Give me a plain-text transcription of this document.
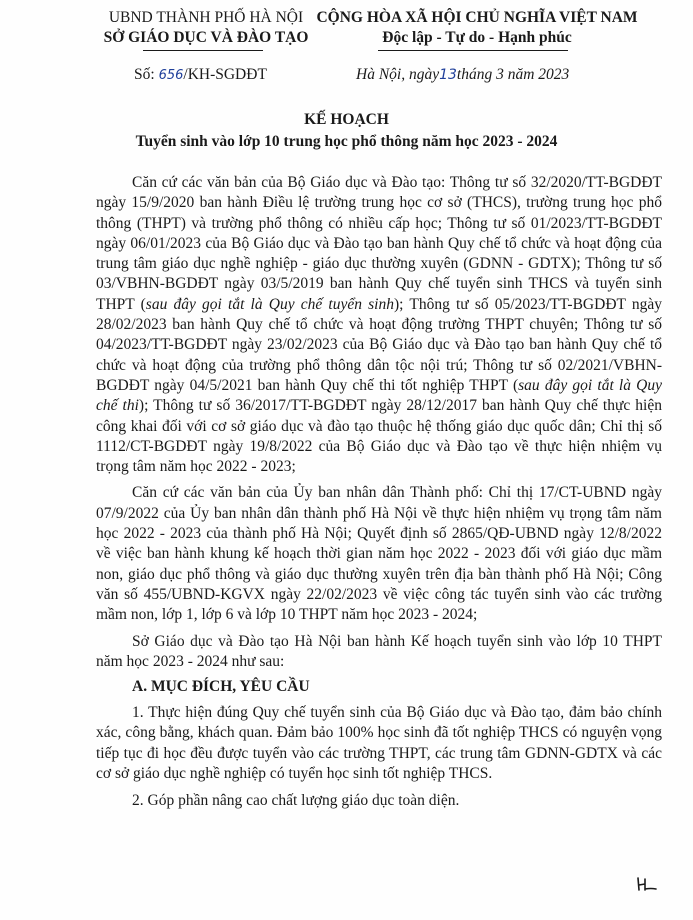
UBND THÀNH PHỐ HÀ NỘI
SỞ GIÁO DỤC VÀ ĐÀO TẠO
CỘNG HÒA XÃ HỘI CHỦ NGHĨA VIỆT NAM
Độc lập - Tự do - Hạnh phúc
Số: 656/KH-SGDĐT	Hà Nội, ngày13tháng 3 năm 2023
KẾ HOẠCH
Tuyển sinh vào lớp 10 trung học phổ thông năm học 2023 - 2024

Căn cứ các văn bản của Bộ Giáo dục và Đào tạo: Thông tư số 32/2020/TT-BGDĐT ngày 15/9/2020 ban hành Điều lệ trường trung học cơ sở (THCS), trường trung học phổ thông (THPT) và trường phổ thông có nhiều cấp học; Thông tư số 01/2023/TT-BGDĐT ngày 06/01/2023 của Bộ Giáo dục và Đào tạo ban hành Quy chế tổ chức và hoạt động của trung tâm giáo dục nghề nghiệp - giáo dục thường xuyên (GDNN - GDTX); Thông tư số 03/VBHN-BGDĐT ngày 03/5/2019 ban hành Quy chế tuyển sinh THCS và tuyển sinh THPT (sau đây gọi tắt là Quy chế tuyển sinh); Thông tư số 05/2023/TT-BGDĐT ngày 28/02/2023 ban hành Quy chế tổ chức và hoạt động trường THPT chuyên; Thông tư số 04/2023/TT-BGDĐT ngày 23/02/2023 của Bộ Giáo dục và Đào tạo ban hành Quy chế tổ chức và hoạt động của trường phổ thông dân tộc nội trú; Thông tư số 02/2021/VBHN-BGDĐT ngày 04/5/2021 ban hành Quy chế thi tốt nghiệp THPT (sau đây gọi tắt là Quy chế thi); Thông tư số 36/2017/TT-BGDĐT ngày 28/12/2017 ban hành Quy chế thực hiện công khai đối với cơ sở giáo dục và đào tạo thuộc hệ thống giáo dục quốc dân; Chỉ thị số 1112/CT-BGDĐT ngày 19/8/2022 của Bộ Giáo dục và Đào tạo về thực hiện nhiệm vụ trọng tâm năm học 2022 - 2023;

Căn cứ các văn bản của Ủy ban nhân dân Thành phố: Chỉ thị 17/CT-UBND ngày 07/9/2022 của Ủy ban nhân dân thành phố Hà Nội về thực hiện nhiệm vụ trọng tâm năm học 2022 - 2023 của thành phố Hà Nội; Quyết định số 2865/QĐ-UBND ngày 12/8/2022 về việc ban hành khung kế hoạch thời gian năm học 2022 - 2023 đối với giáo dục mầm non, giáo dục phổ thông và giáo dục thường xuyên trên địa bàn thành phố Hà Nội; Công văn số 455/UBND-KGVX ngày 22/02/2023 về việc công tác tuyển sinh vào các trường mầm non, lớp 1, lớp 6 và lớp 10 THPT năm học 2023 - 2024;

Sở Giáo dục và Đào tạo Hà Nội ban hành Kế hoạch tuyển sinh vào lớp 10 THPT năm học 2023 - 2024 như sau:

A. MỤC ĐÍCH, YÊU CẦU

1. Thực hiện đúng Quy chế tuyển sinh của Bộ Giáo dục và Đào tạo, đảm bảo chính xác, công bằng, khách quan. Đảm bảo 100% học sinh đã tốt nghiệp THCS có nguyện vọng tiếp tục đi học đều được tuyển vào các trường THPT, các trung tâm GDNN-GDTX và các cơ sở giáo dục nghề nghiệp có tuyển học sinh tốt nghiệp THCS.

2. Góp phần nâng cao chất lượng giáo dục toàn diện.
